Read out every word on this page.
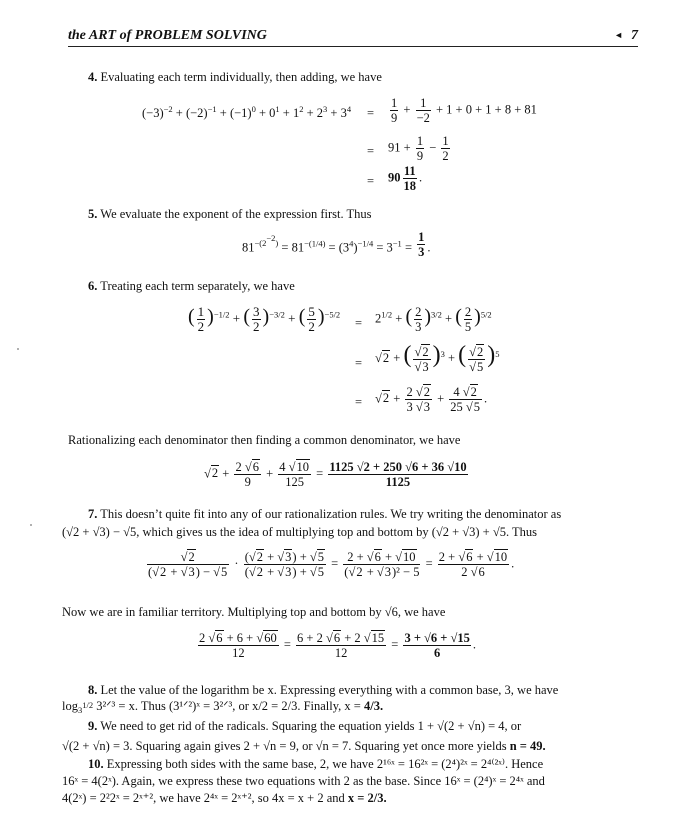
the ART of PROBLEM SOLVING	◄ 7
4. Evaluating each term individually, then adding, we have
$(-3)^{-2} + (-2)^{-1} + (-1)^0 + 0^1 + 1^2 + 2^3 + 3^4 = \frac{1}{9} + \frac{1}{-2} + 1 + 0 + 1 + 8 + 81$
= $91 + \frac{1}{9} - \frac{1}{2}$
= $90 \frac{11}{18}$ .
5. We evaluate the exponent of the expression first. Thus
$81^{-(2^{-2})} = 81^{-(1/4)} = (3^4)^{-1/4} = 3^{-1} = \frac{1}{3}$ .
6. Treating each term separately, we have
( $\frac{1}{2} )^{-1/2}$ + ( $\frac{3}{2} )^{-3/2}$ + ( $\frac{5}{2} )^{-5/2}$
= $2^{1/2}$ + ( $\frac{2}{3} )^{3/2}$ + ( $\frac{2}{5} )^{5/2}$
= √2 + ( $\frac{√2}{√3} )^3$ + ( $\frac{√2}{√5} )^5$
= $√2 + \frac{2 √2}{3 √3} + \frac{4 √2}{25 √5}$ .
Rationalizing each denominator then finding a common denominator, we have
$√2 + \frac{2 √6}{9} + \frac{4 √10}{125} = \frac{1125 √2 + 250 √6 + 36 √10}{1125}$
7. This doesn’t quite fit into any of our rationalization rules. We try writing the denominator as
(√2 + √3) − √5, which gives us the idea of multiplying top and bottom by (√2 + √3) + √5. Thus
$\frac{√2}{(√2 + √3) - √5} \cdot \frac{(√2 + √3) + √5}{(√2 + √3) + √5} = \frac{2 + √6 + √10}{\text{(√2 + √3)² − 5}} = \frac{2 + √6 + √10}{2 √6}$ .
Now we are in familiar territory. Multiplying top and bottom by √6, we have
$\frac{2 √6 + 6 + √60}{12} = \frac{6 + 2 √6 + 2 √15}{12} = \frac{3 + √6 + √15}{6}$ .
8. Let the value of the logarithm be x. Expressing everything with a common base, 3, we have
$\log_{3^{1/2}}$ 3²ᐟ³ = x. Thus (3¹ᐟ²)ˣ = 3²ᐟ³, or x/2 = 2/3. Finally, x = 4/3.
9. We need to get rid of the radicals. Squaring the equation yields 1 + √(2 + √n) = 4, or
√(2 + √n) = 3. Squaring again gives 2 + √n = 9, or √n = 7. Squaring yet once more yields n = 49.
10. Expressing both sides with the same base, 2, we have 2¹⁶ˣ = 16²ˣ = (2⁴)²ˣ = 2⁴⁽²ˣ⁾. Hence
16ˣ = 4(2ˣ). Again, we express these two equations with 2 as the base. Since 16ˣ = (2⁴)ˣ = 2⁴ˣ and
4(2ˣ) = 2²2ˣ = 2ˣ⁺², we have 2⁴ˣ = 2ˣ⁺², so 4x = x + 2 and x = 2/3.
